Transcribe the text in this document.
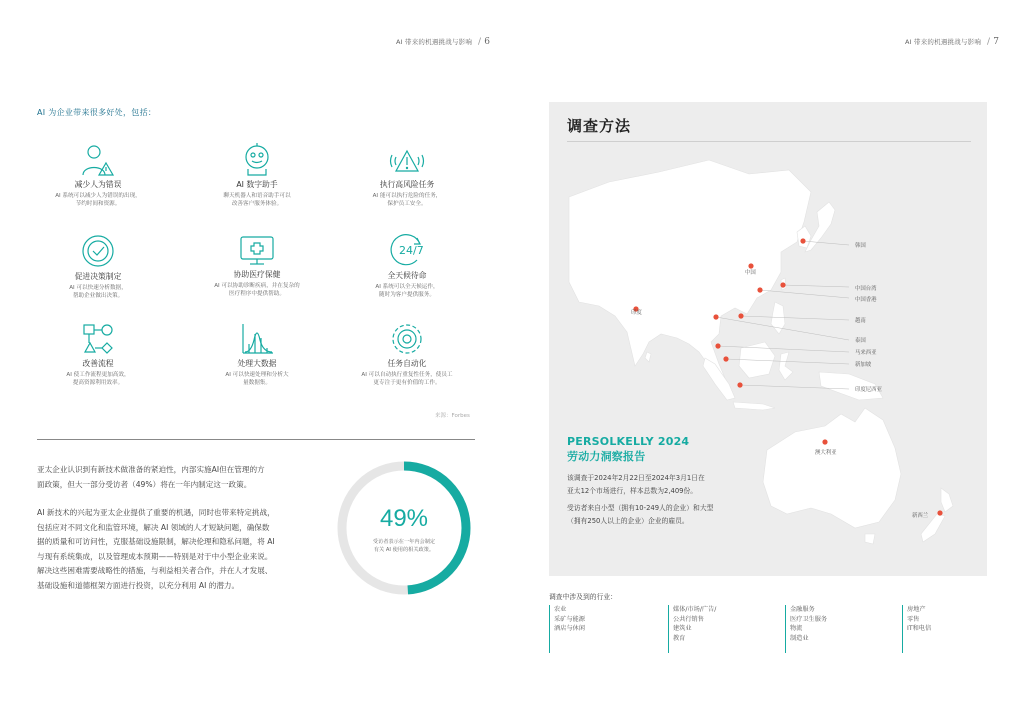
AI 带来的机遇挑战与影响 / 6	AI 带来的机遇挑战与影响 / 7
AI 为企业带来很多好处，包括：
减少人为错误
AI 系统可以减少人为错误的出现，
节约时间和资源。
AI 数字助手
聊天机器人和语音助手可以
改善客户服务体验。
执行高风险任务
AI 能可以执行危险的任务，
保护员工安全。
促进决策制定
AI 可以快速分析数据，
帮助企业做出决策。
协助医疗保健
AI 可以协助诊断疾病，并在复杂的
医疗程序中提供帮助。
24/7
全天候待命
AI 系统可以全天候运作，
随时为客户提供服务。
改善流程
AI 使工作流程更加高效，
提高资源利用效率。
处理大数据
AI 可以快速处理和分析大
量数据集。
任务自动化
AI 可以自动执行重复性任务，使员工
更专注于更有价值的工作。
来源：Forbes
亚太企业认识到有新技术做准备的紧迫性，内部实施AI但在管理的方
面政策，但大一部分受访者（49%）将在一年内制定这一政策。
AI 新技术的兴起为亚太企业提供了重要的机遇，同时也带来特定挑战，
包括应对不同文化和监管环境，解决 AI 领域的人才短缺问题，确保数
据的质量和可访问性，克服基础设施限制，解决伦理和隐私问题，将 AI
与现有系统集成，以及管理成本预期——特别是对于中小型企业来说。
解决这些困难需要战略性的措施，与利益相关者合作，并在人才发展、
基础设施和道德框架方面进行投资，以充分利用 AI 的潜力。
49%
受访者表示在一年内会制定
有关 AI 使用的相关政策。
调查方法
韩国
中国
中国台湾
中国香港
印度
越南
泰国
马来西亚
新加坡
印度尼西亚
澳大利亚
新西兰
PERSOLKELLY 2024
劳动力洞察报告
该调查于2024年2月22日至2024年3月1日在
亚太12个市场进行，样本总数为2,409份。
受访者来自小型（拥有10-249人的企业）和大型
（拥有250人以上的企业）企业的雇员。
调查中涉及到的行业：
农业
采矿与能源
酒店与休闲
媒体/市场/广告/
公共行销售
建筑业
教育
金融服务
医疗卫生服务
物流
制造业
房地产
零售
IT和电信
